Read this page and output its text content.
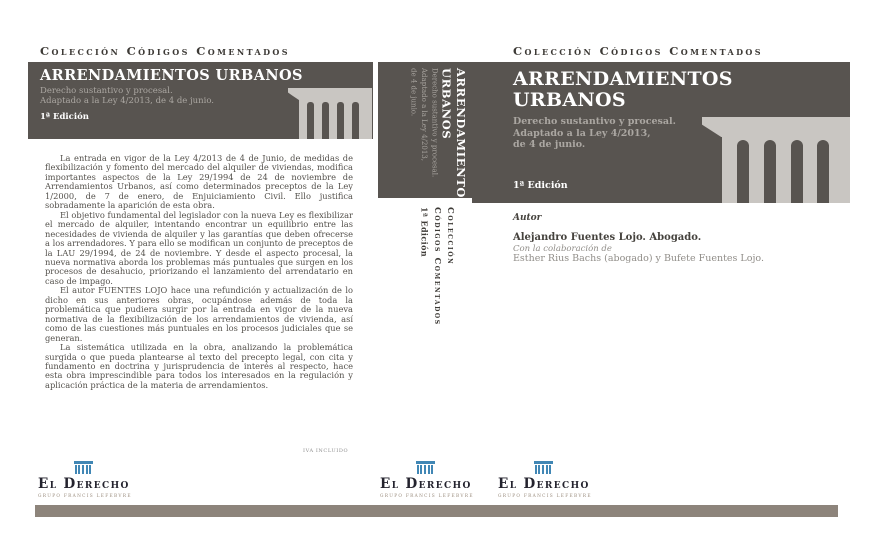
Colección Códigos Comentados
ARRENDAMIENTOS URBANOS
Derecho sustantivo y procesal.
Adaptado a la Ley 4/2013, de 4 de junio.
1ª Edición

La entrada en vigor de la Ley 4/2013 de 4 de Junio, de medidas de flexibilización y fomento del mercado del alquiler de viviendas, modifica importantes aspectos de la Ley 29/1994 de 24 de noviembre de Arrendamientos Urbanos, así como determinados preceptos de la Ley 1/2000, de 7 de enero, de Enjuiciamiento Civil. Ello justifica sobradamente la aparición de esta obra.

El objetivo fundamental del legislador con la nueva Ley es flexibilizar el mercado de alquiler, intentando encontrar un equilibrio entre las necesidades de vivienda de alquiler y las garantías que deben ofrecerse a los arrendadores. Y para ello se modifican un conjunto de preceptos de la LAU 29/1994, de 24 de noviembre. Y desde el aspecto procesal, la nueva normativa aborda los problemas más puntuales que surgen en los procesos de desahucio, priorizando el lanzamiento del arrendatario en caso de impago.

El autor FUENTES LOJO hace una refundición y actualización de lo dicho en sus anteriores obras, ocupándose además de toda la problemática que pudiera surgir por la entrada en vigor de la nueva normativa de la flexibilización de los arrendamientos de vivienda, así como de las cuestiones más puntuales en los procesos judiciales que se generan.

La sistemática utilizada en la obra, analizando la problemática surgida o que pueda plantearse al texto del precepto legal, con cita y fundamento en doctrina y jurisprudencia de interés al respecto, hace esta obra imprescindible para todos los interesados en la regulación y aplicación práctica de la materia de arrendamientos.

ARRENDAMIENTOS
URBANOS
Derecho sustantivo y procesal.
Adaptado a la Ley 4/2013,
de 4 de junio.
Colección
Códigos Comentados
1ª Edición
Colección Códigos Comentados
ARRENDAMIENTOS
URBANOS
Derecho sustantivo y procesal.
Adaptado a la Ley 4/2013,
de 4 de junio.
1ª Edición
Autor
Alejandro Fuentes Lojo. Abogado.
Con la colaboración de
Esther Rius Bachs (abogado) y Bufete Fuentes Lojo.
IVA INCLUIDO
El Derecho
GRUPO FRANCIS LEFEBVRE
El Derecho
GRUPO FRANCIS LEFEBVRE
El Derecho
GRUPO FRANCIS LEFEBVRE
